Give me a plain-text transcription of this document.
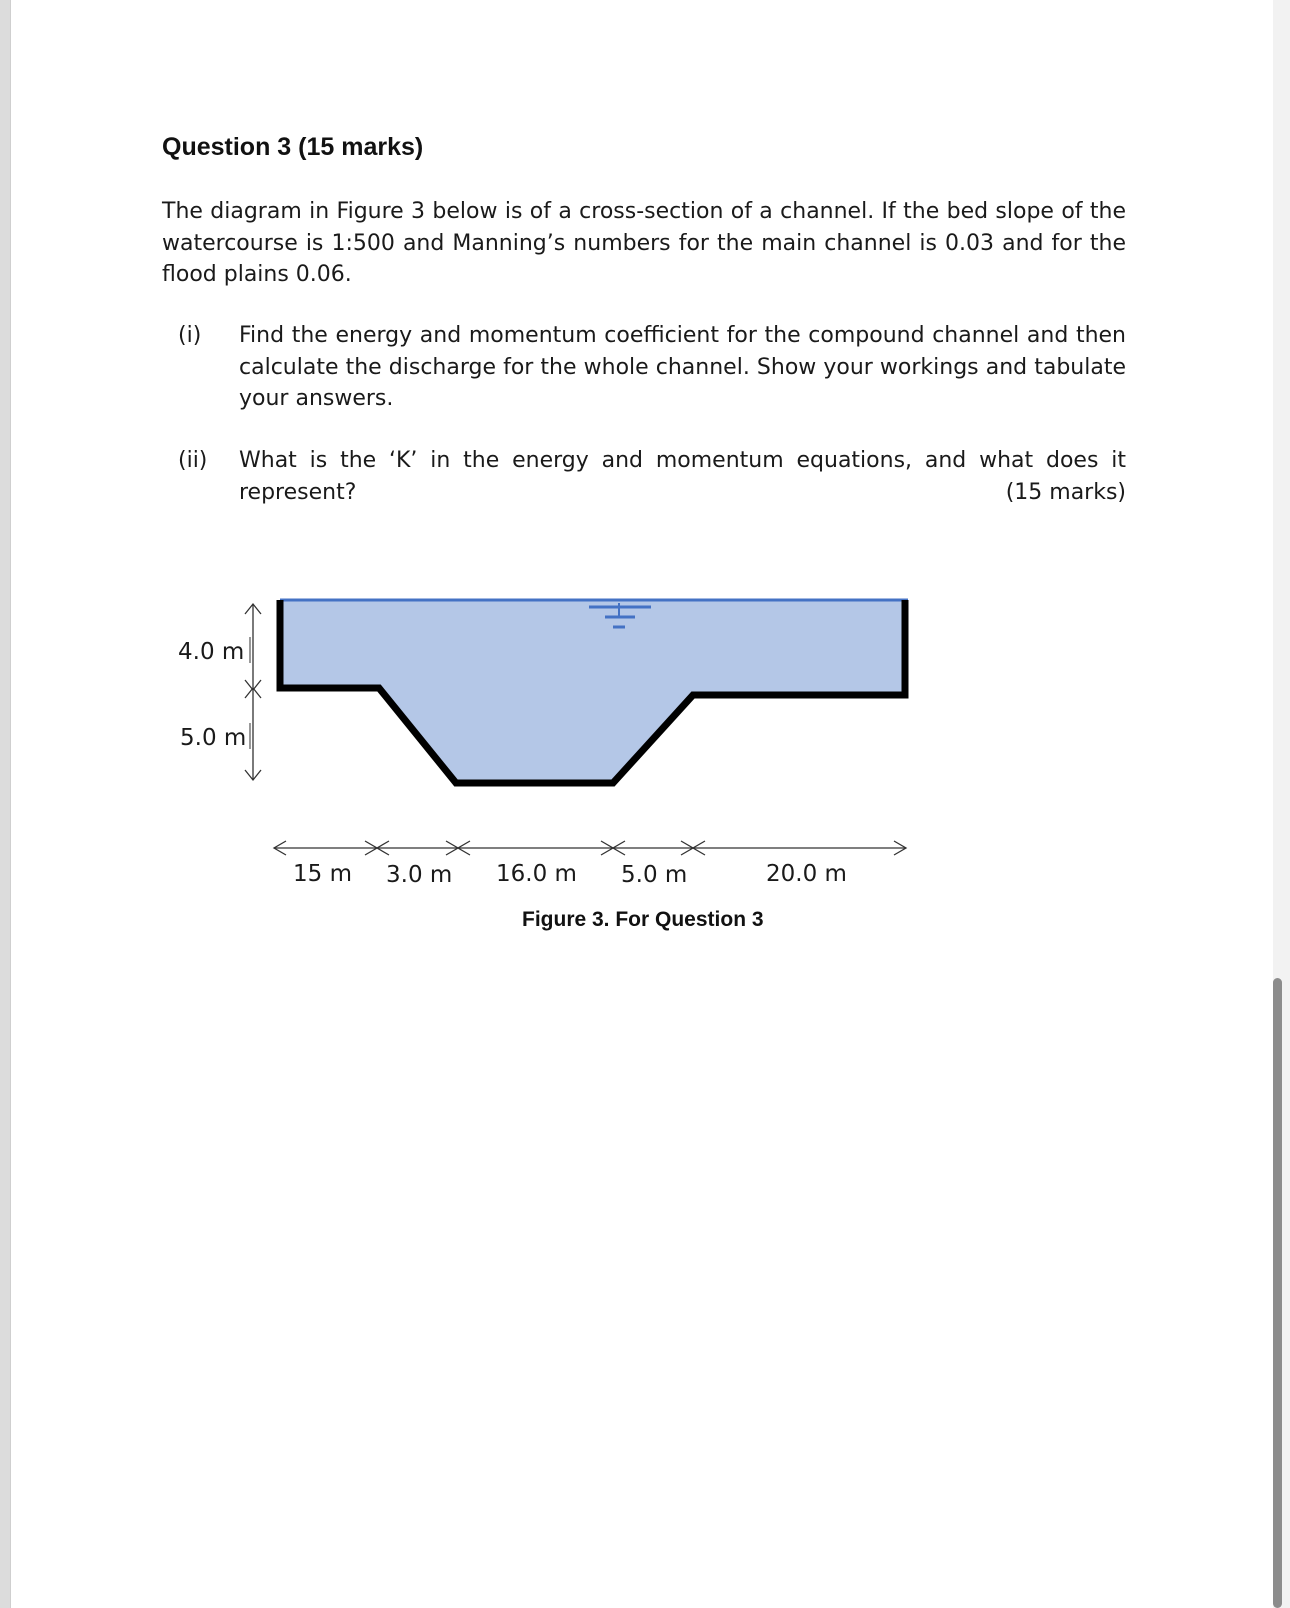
Question 3 (15 marks)
The diagram in Figure 3 below is of a cross-section of a channel. If the bed slope of the watercourse is 1:500 and Manning’s numbers for the main channel is 0.03 and for the flood plains 0.06.
(i) Find the energy and momentum coefficient for the compound channel and then calculate the discharge for the whole channel. Show your workings and tabulate your answers.
(ii) What is the ‘K’ in the energy and momentum equations, and what does it represent?	(15 marks)
4.0 m
5.0 m
15 m 3.0 m 16.0 m 5.0 m	20.0 m
Figure 3. For Question 3
